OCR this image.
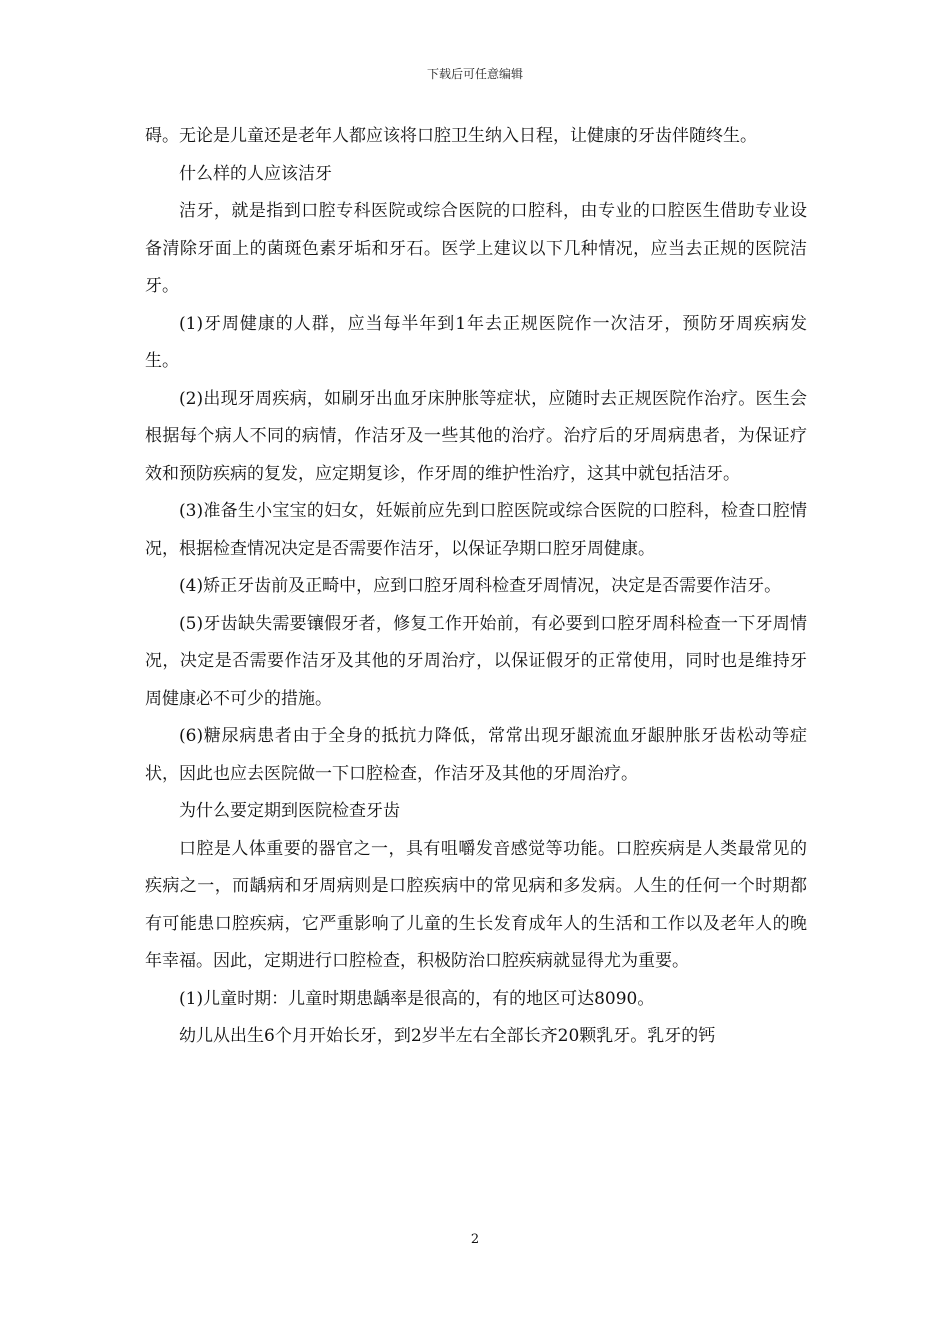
下载后可任意编辑

碍。无论是儿童还是老年人都应该将口腔卫生纳入日程，让健康的牙齿伴随终生。

什么样的人应该洁牙

洁牙，就是指到口腔专科医院或综合医院的口腔科，由专业的口腔医生借助专业设备清除牙面上的菌斑色素牙垢和牙石。医学上建议以下几种情况，应当去正规的医院洁牙。

(1)牙周健康的人群，应当每半年到1年去正规医院作一次洁牙，预防牙周疾病发生。

(2)出现牙周疾病，如刷牙出血牙床肿胀等症状，应随时去正规医院作治疗。医生会根据每个病人不同的病情，作洁牙及一些其他的治疗。治疗后的牙周病患者，为保证疗效和预防疾病的复发，应定期复诊，作牙周的维护性治疗，这其中就包括洁牙。

(3)准备生小宝宝的妇女，妊娠前应先到口腔医院或综合医院的口腔科，检查口腔情况，根据检查情况决定是否需要作洁牙，以保证孕期口腔牙周健康。

(4)矫正牙齿前及正畸中，应到口腔牙周科检查牙周情况，决定是否需要作洁牙。

(5)牙齿缺失需要镶假牙者，修复工作开始前，有必要到口腔牙周科检查一下牙周情况，决定是否需要作洁牙及其他的牙周治疗，以保证假牙的正常使用，同时也是维持牙周健康必不可少的措施。

(6)糖尿病患者由于全身的抵抗力降低，常常出现牙龈流血牙龈肿胀牙齿松动等症状，因此也应去医院做一下口腔检查，作洁牙及其他的牙周治疗。

为什么要定期到医院检查牙齿

口腔是人体重要的器官之一，具有咀嚼发音感觉等功能。口腔疾病是人类最常见的疾病之一，而龋病和牙周病则是口腔疾病中的常见病和多发病。人生的任何一个时期都有可能患口腔疾病，它严重影响了儿童的生长发育成年人的生活和工作以及老年人的晚年幸福。因此，定期进行口腔检查，积极防治口腔疾病就显得尤为重要。

(1)儿童时期：儿童时期患龋率是很高的，有的地区可达8090。

幼儿从出生6个月开始长牙，到2岁半左右全部长齐20颗乳牙。乳牙的钙

2
